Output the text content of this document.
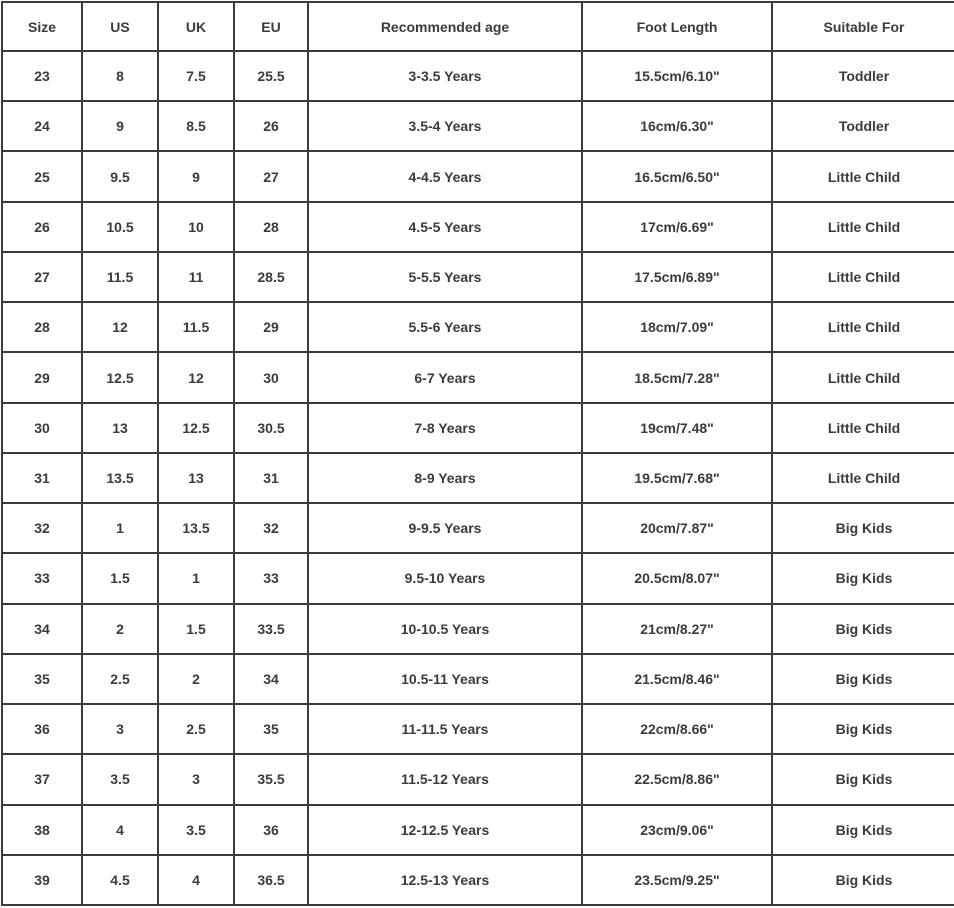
Size	US	UK	EU	Recommended age	Foot Length	Suitable For
23	8	7.5	25.5	3-3.5 Years	15.5cm/6.10"	Toddler
24	9	8.5	26	3.5-4 Years	16cm/6.30"	Toddler
25	9.5	9	27	4-4.5 Years	16.5cm/6.50"	Little Child
26	10.5	10	28	4.5-5 Years	17cm/6.69"	Little Child
27	11.5	11	28.5	5-5.5 Years	17.5cm/6.89"	Little Child
28	12	11.5	29	5.5-6 Years	18cm/7.09"	Little Child
29	12.5	12	30	6-7 Years	18.5cm/7.28"	Little Child
30	13	12.5	30.5	7-8 Years	19cm/7.48"	Little Child
31	13.5	13	31	8-9 Years	19.5cm/7.68"	Little Child
32	1	13.5	32	9-9.5 Years	20cm/7.87"	Big Kids
33	1.5	1	33	9.5-10 Years	20.5cm/8.07"	Big Kids
34	2	1.5	33.5	10-10.5 Years	21cm/8.27"	Big Kids
35	2.5	2	34	10.5-11 Years	21.5cm/8.46"	Big Kids
36	3	2.5	35	11-11.5 Years	22cm/8.66"	Big Kids
37	3.5	3	35.5	11.5-12 Years	22.5cm/8.86"	Big Kids
38	4	3.5	36	12-12.5 Years	23cm/9.06"	Big Kids
39	4.5	4	36.5	12.5-13 Years	23.5cm/9.25"	Big Kids
